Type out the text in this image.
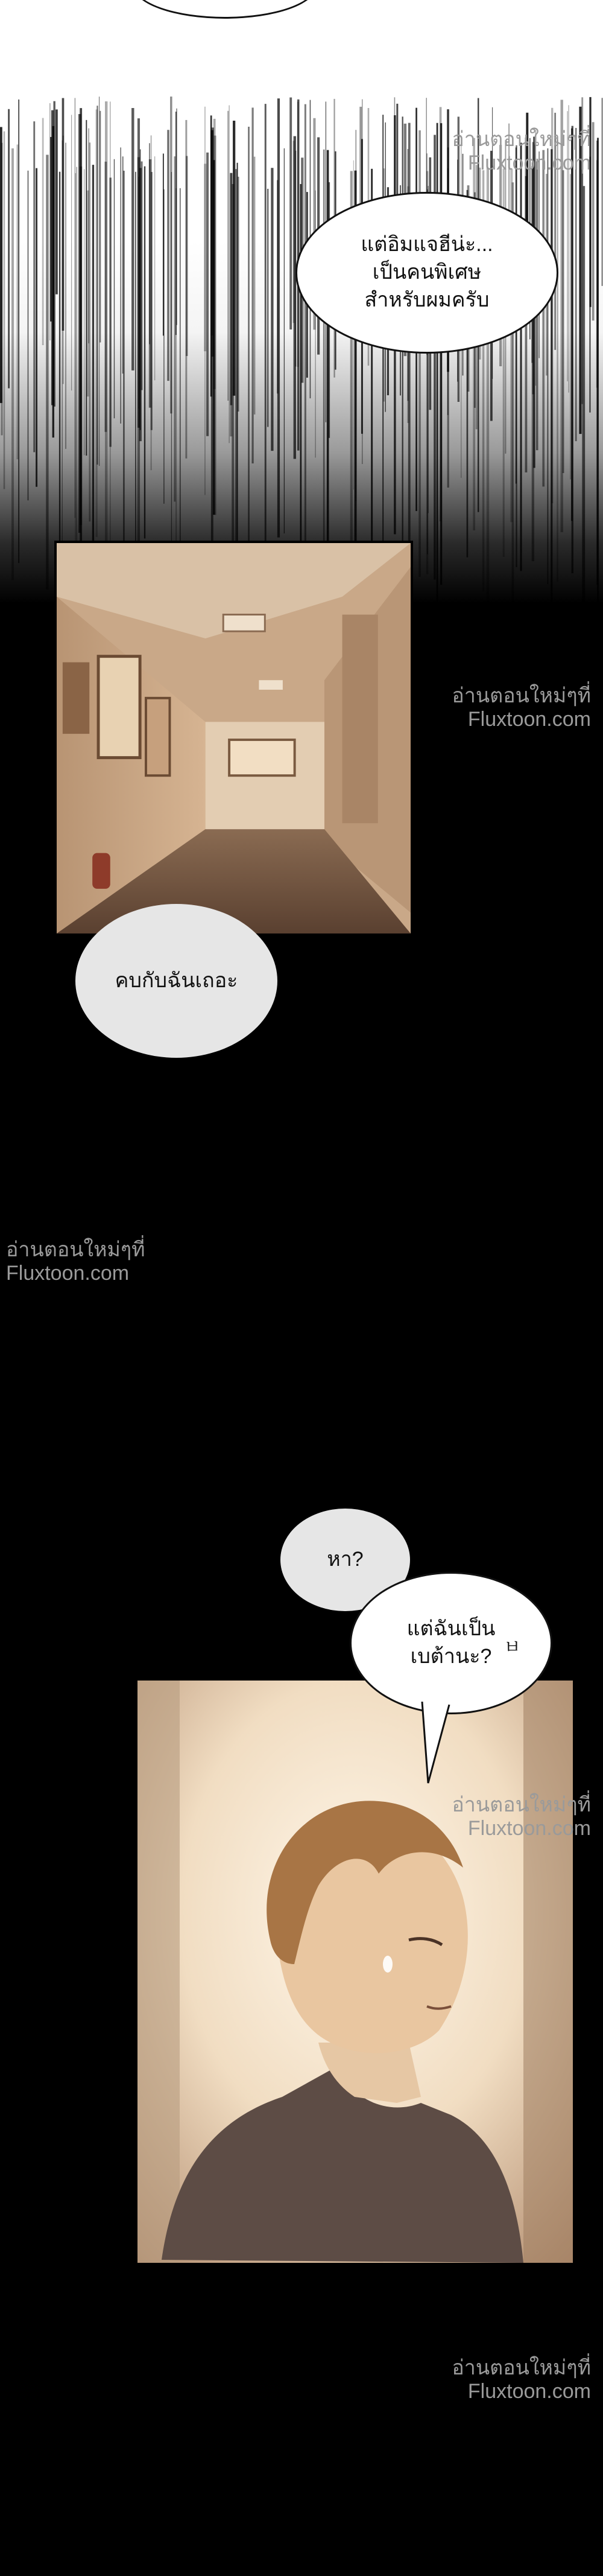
อ่านตอนใหม่ๆที่
Fluxtoon.com
แต่อิมแจฮีน่ะ...
เป็นคนพิเศษ
สำหรับผมครับ
อ่านตอนใหม่ๆที่
Fluxtoon.com
คบกับฉันเถอะ
อ่านตอนใหม่ๆที่
Fluxtoon.com
หา?
แต่ฉันเป็น
เบต้านะ? ㅂ
อ่านตอนใหม่ๆที่
Fluxtoon.com
อ่านตอนใหม่ๆที่
Fluxtoon.com
